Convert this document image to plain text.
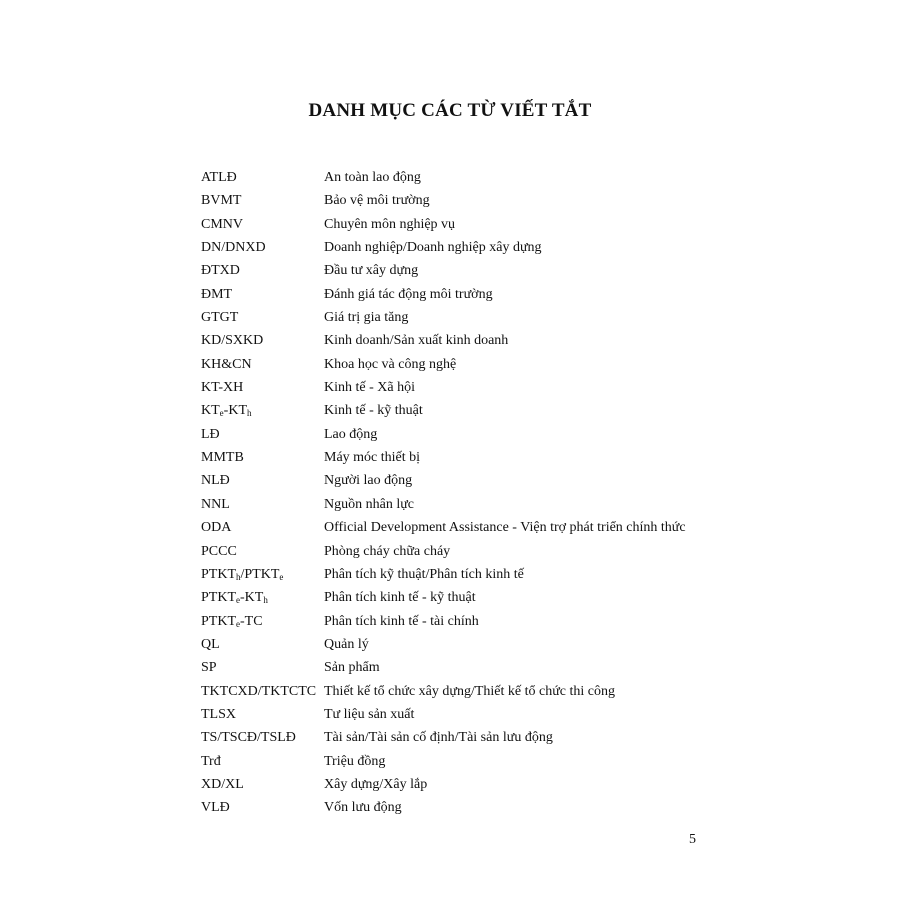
DANH MỤC CÁC TỪ VIẾT TẮT
ATLĐ	An toàn lao động
BVMT	Bảo vệ môi trường
CMNV	Chuyên môn nghiệp vụ
DN/DNXD	Doanh nghiệp/Doanh nghiệp xây dựng
ĐTXD	Đầu tư xây dựng
ĐMT	Đánh giá tác động môi trường
GTGT	Giá trị gia tăng
KD/SXKD	Kinh doanh/Sản xuất kinh doanh
KH&CN	Khoa học và công nghệ
KT-XH	Kinh tế - Xã hội
$KT_e-KT_h$	Kinh tế - kỹ thuật
LĐ	Lao động
MMTB	Máy móc thiết bị
NLĐ	Người lao động
NNL	Nguồn nhân lực
ODA	Official Development Assistance - Viện trợ phát triển chính thức
PCCC	Phòng cháy chữa cháy
$PTKT_h/PTKT_e$	Phân tích kỹ thuật/Phân tích kinh tế
$PTKT_e-KT_h$	Phân tích kinh tế - kỹ thuật
$PTKT_e-TC$	Phân tích kinh tế - tài chính
QL	Quản lý
SP	Sản phẩm
TKTCXD/TKTCTC Thiết kế tổ chức xây dựng/Thiết kế tổ chức thi công
TLSX	Tư liệu sản xuất
TS/TSCĐ/TSLĐ	Tài sản/Tài sản cố định/Tài sản lưu động
Trđ	Triệu đồng
XD/XL	Xây dựng/Xây lắp
VLĐ	Vốn lưu động
5
